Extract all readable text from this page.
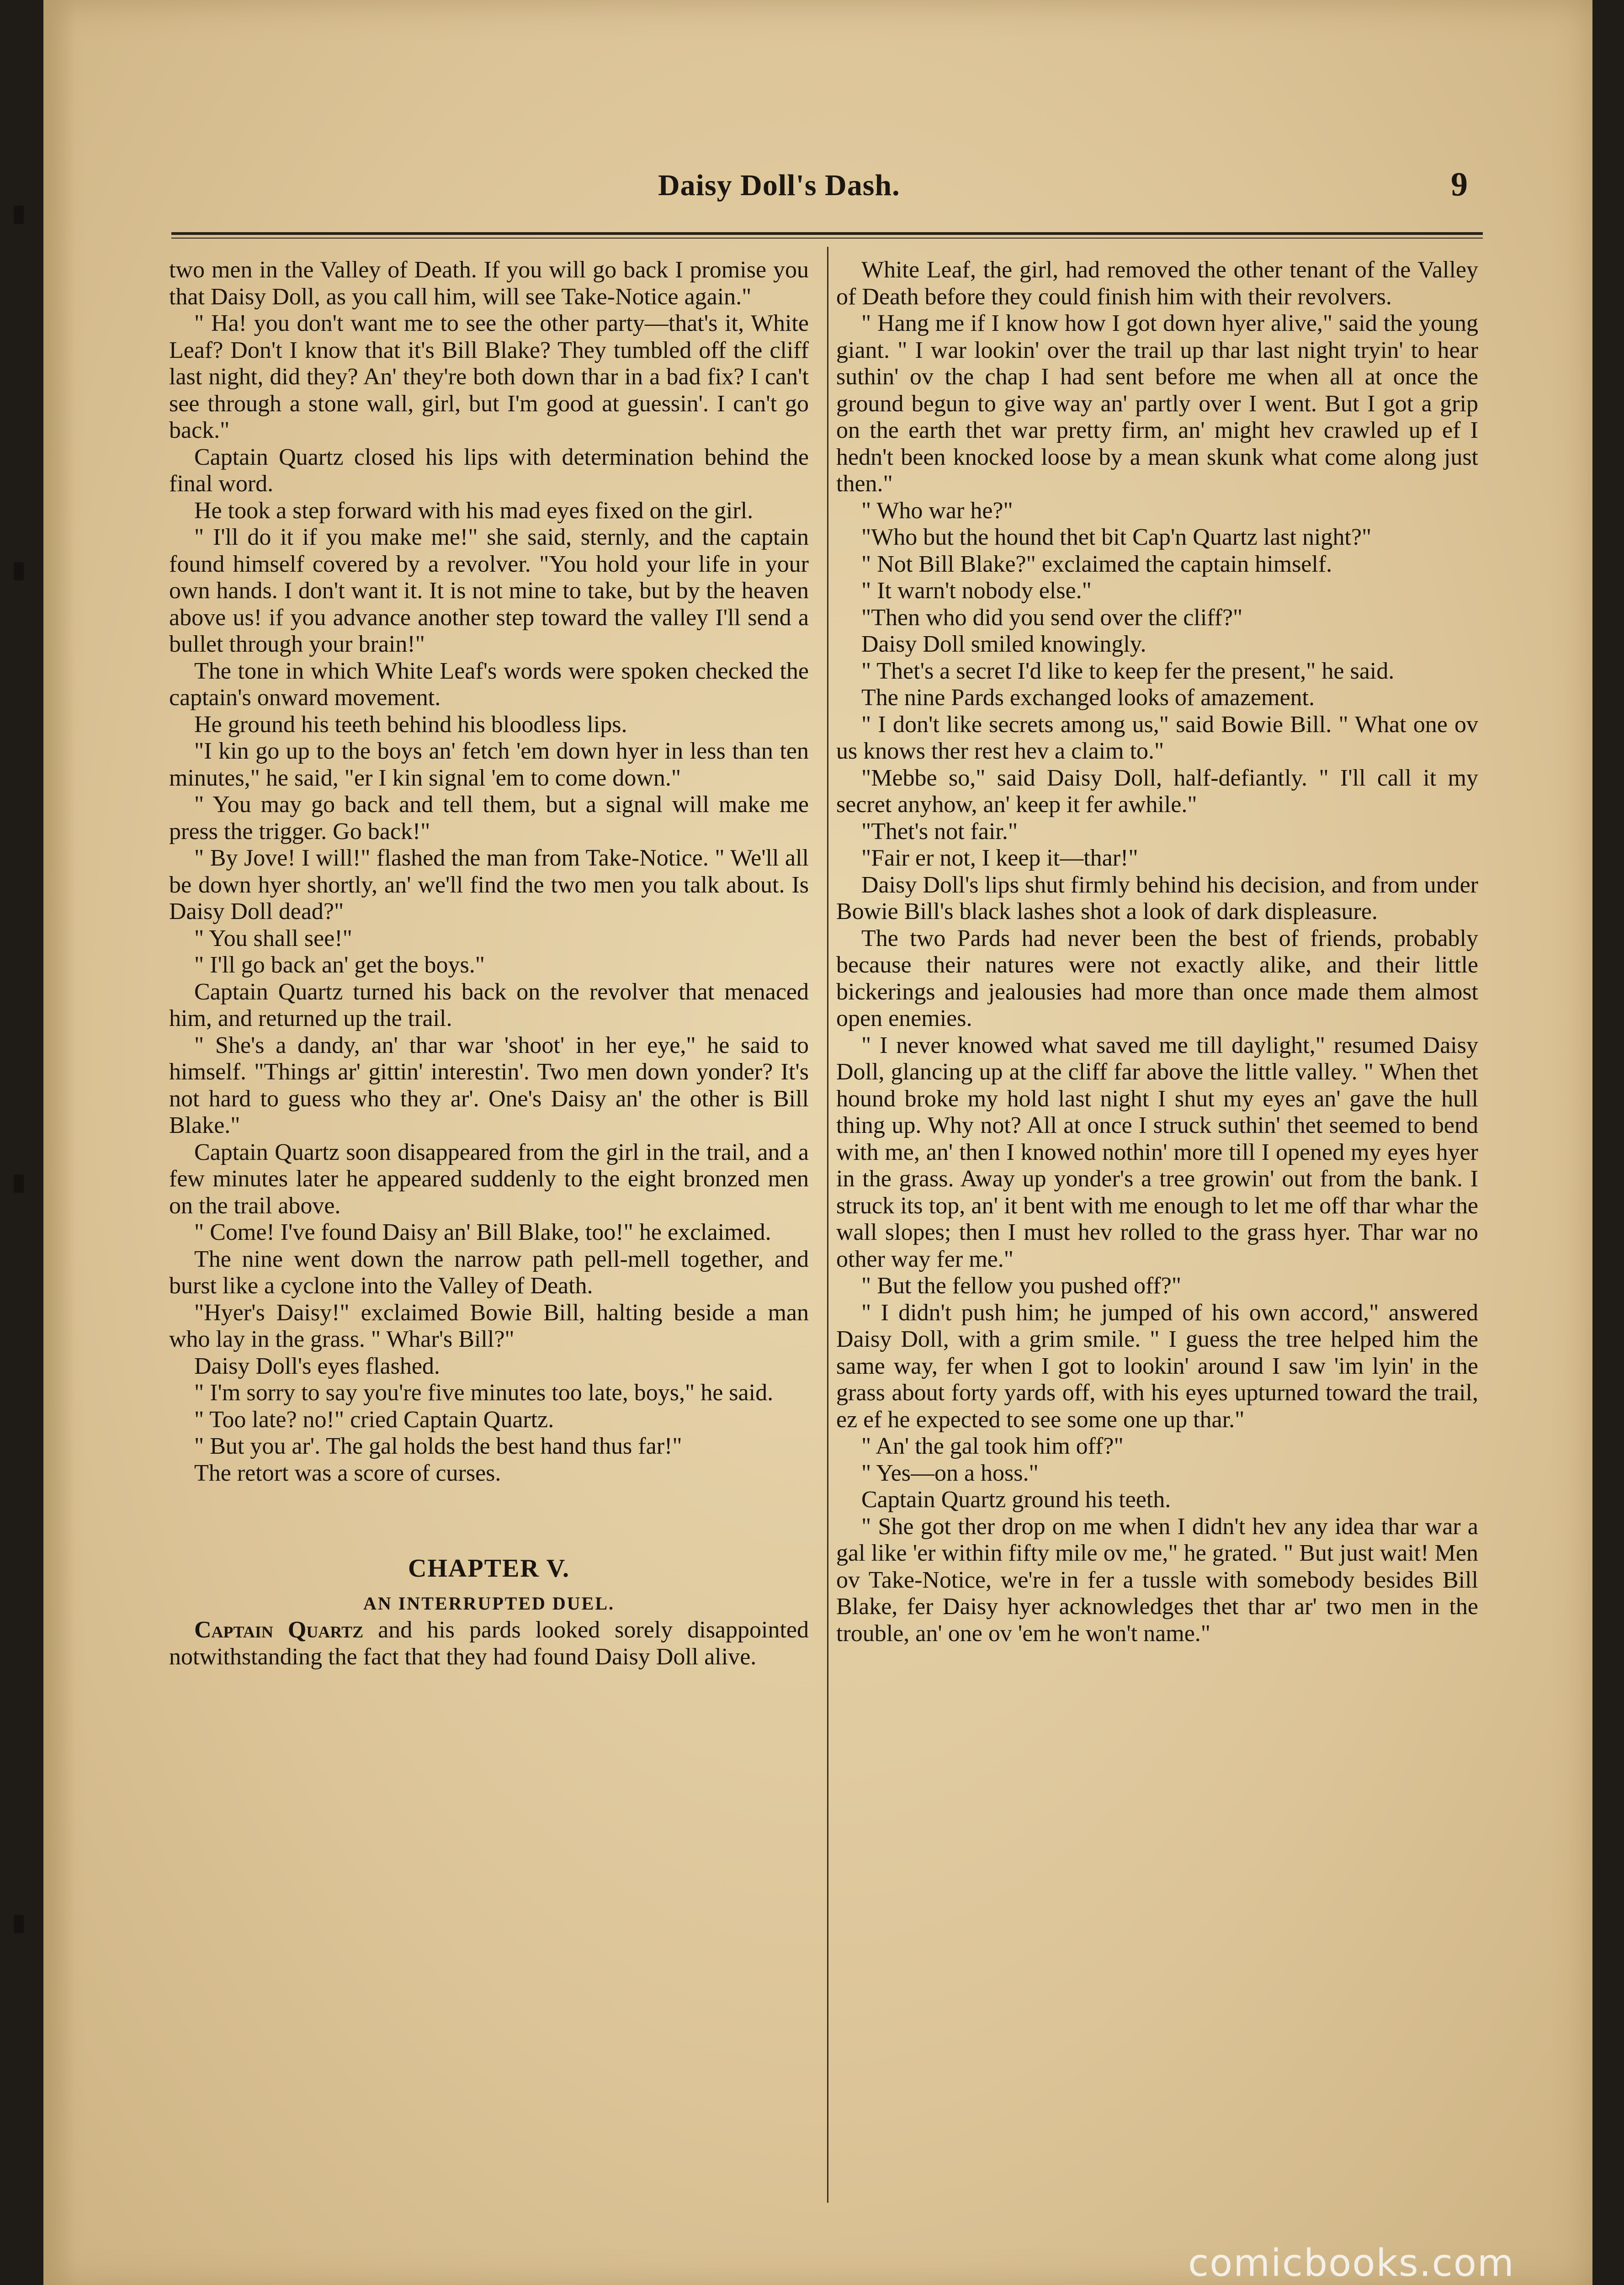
Daisy Doll's Dash.	9

two men in the Valley of Death. If you will go back I promise you that Daisy Doll, as you call him, will see Take-Notice again."

" Ha! you don't want me to see the other party—that's it, White Leaf? Don't I know that it's Bill Blake? They tumbled off the cliff last night, did they? An' they're both down thar in a bad fix? I can't see through a stone wall, girl, but I'm good at guessin'. I can't go back."

Captain Quartz closed his lips with determination behind the final word.

He took a step forward with his mad eyes fixed on the girl.

" I'll do it if you make me!" she said, sternly, and the captain found himself covered by a revolver. "You hold your life in your own hands. I don't want it. It is not mine to take, but by the heaven above us! if you advance another step toward the valley I'll send a bullet through your brain!"

The tone in which White Leaf's words were spoken checked the captain's onward movement.

He ground his teeth behind his bloodless lips.

"I kin go up to the boys an' fetch 'em down hyer in less than ten minutes," he said, "er I kin signal 'em to come down."

" You may go back and tell them, but a signal will make me press the trigger. Go back!"

" By Jove! I will!" flashed the man from Take-Notice. " We'll all be down hyer shortly, an' we'll find the two men you talk about. Is Daisy Doll dead?"

" You shall see!"

" I'll go back an' get the boys."

Captain Quartz turned his back on the revolver that menaced him, and returned up the trail.

" She's a dandy, an' thar war 'shoot' in her eye," he said to himself. "Things ar' gittin' interestin'. Two men down yonder? It's not hard to guess who they ar'. One's Daisy an' the other is Bill Blake."

Captain Quartz soon disappeared from the girl in the trail, and a few minutes later he appeared suddenly to the eight bronzed men on the trail above.

" Come! I've found Daisy an' Bill Blake, too!" he exclaimed.

The nine went down the narrow path pell-mell together, and burst like a cyclone into the Valley of Death.

"Hyer's Daisy!" exclaimed Bowie Bill, halting beside a man who lay in the grass. " Whar's Bill?"

Daisy Doll's eyes flashed.

" I'm sorry to say you're five minutes too late, boys," he said.

" Too late? no!" cried Captain Quartz.

" But you ar'. The gal holds the best hand thus far!"

The retort was a score of curses.

CHAPTER V.

AN INTERRUPTED DUEL.

Captain Quartz and his pards looked sorely disappointed notwithstanding the fact that they had found Daisy Doll alive.

White Leaf, the girl, had removed the other tenant of the Valley of Death before they could finish him with their revolvers.

" Hang me if I know how I got down hyer alive," said the young giant. " I war lookin' over the trail up thar last night tryin' to hear suthin' ov the chap I had sent before me when all at once the ground begun to give way an' partly over I went. But I got a grip on the earth thet war pretty firm, an' might hev crawled up ef I hedn't been knocked loose by a mean skunk what come along just then."

" Who war he?"

"Who but the hound thet bit Cap'n Quartz last night?"

" Not Bill Blake?" exclaimed the captain himself.

" It warn't nobody else."

"Then who did you send over the cliff?"

Daisy Doll smiled knowingly.

" Thet's a secret I'd like to keep fer the present," he said.

The nine Pards exchanged looks of amazement.

" I don't like secrets among us," said Bowie Bill. " What one ov us knows ther rest hev a claim to."

"Mebbe so," said Daisy Doll, half-defiantly. " I'll call it my secret anyhow, an' keep it fer awhile."

"Thet's not fair."

"Fair er not, I keep it—thar!"

Daisy Doll's lips shut firmly behind his decision, and from under Bowie Bill's black lashes shot a look of dark displeasure.

The two Pards had never been the best of friends, probably because their natures were not exactly alike, and their little bickerings and jealousies had more than once made them almost open enemies.

" I never knowed what saved me till daylight," resumed Daisy Doll, glancing up at the cliff far above the little valley. " When thet hound broke my hold last night I shut my eyes an' gave the hull thing up. Why not? All at once I struck suthin' thet seemed to bend with me, an' then I knowed nothin' more till I opened my eyes hyer in the grass. Away up yonder's a tree growin' out from the bank. I struck its top, an' it bent with me enough to let me off thar whar the wall slopes; then I must hev rolled to the grass hyer. Thar war no other way fer me."

" But the fellow you pushed off?"

" I didn't push him; he jumped of his own accord," answered Daisy Doll, with a grim smile. " I guess the tree helped him the same way, fer when I got to lookin' around I saw 'im lyin' in the grass about forty yards off, with his eyes upturned toward the trail, ez ef he expected to see some one up thar."

" An' the gal took him off?"

" Yes—on a hoss."

Captain Quartz ground his teeth.

" She got ther drop on me when I didn't hev any idea thar war a gal like 'er within fifty mile ov me," he grated. " But just wait! Men ov Take-Notice, we're in fer a tussle with somebody besides Bill Blake, fer Daisy hyer acknowledges thet thar ar' two men in the trouble, an' one ov 'em he won't name."

comicbooks.com
